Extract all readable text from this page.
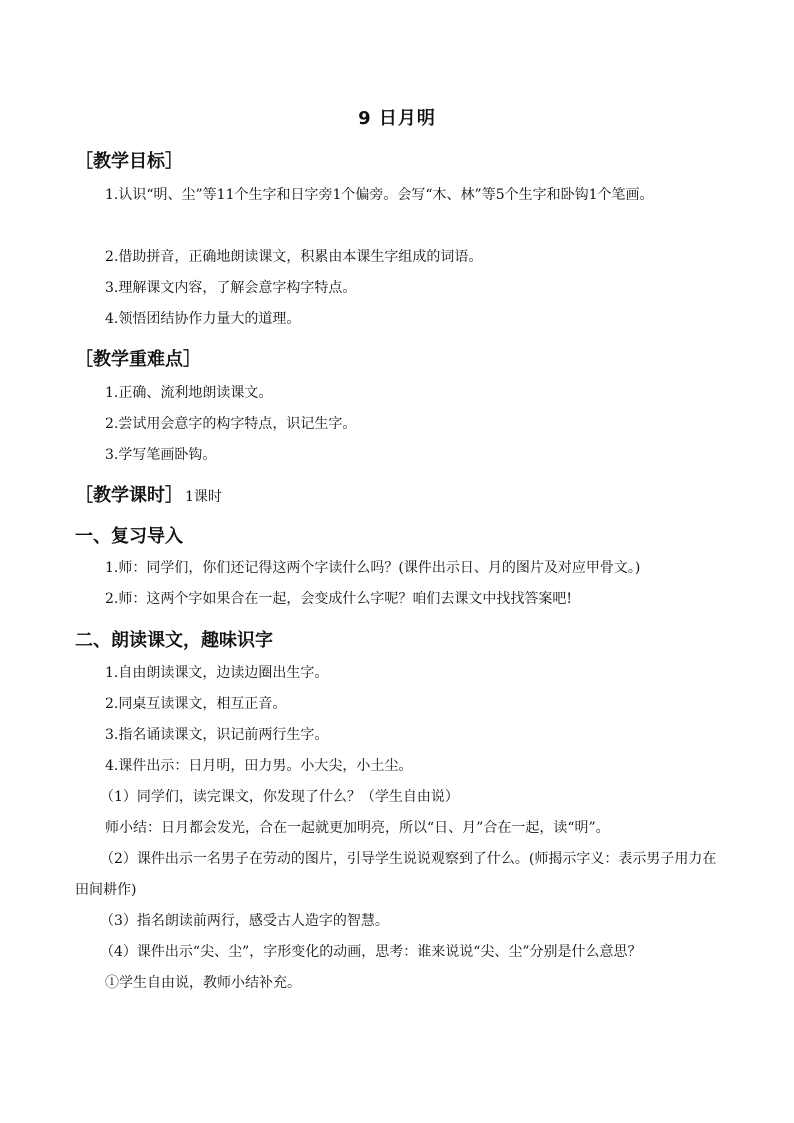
9 日月明
［教学目标］
1.认识“明、尘”等11个生字和日字旁1个偏旁。会写“木、林”等5个生字和卧钩1个笔画。
2.借助拼音，正确地朗读课文，积累由本课生字组成的词语。
3.理解课文内容，了解会意字构字特点。
4.领悟团结协作力量大的道理。
［教学重难点］
1.正确、流利地朗读课文。
2.尝试用会意字的构字特点，识记生字。
3.学写笔画卧钩。
［教学课时］ 1课时
一、复习导入
1.师：同学们，你们还记得这两个字读什么吗？(课件出示日、月的图片及对应甲骨文。)
2.师：这两个字如果合在一起，会变成什么字呢？咱们去课文中找找答案吧!
二、朗读课文，趣味识字
1.自由朗读课文，边读边圈出生字。
2.同桌互读课文，相互正音。
3.指名诵读课文，识记前两行生字。
4.课件出示：日月明，田力男。小大尖，小土尘。
（1）同学们，读完课文，你发现了什么？（学生自由说）
师小结：日月都会发光，合在一起就更加明亮，所以“日、月”合在一起，读“明”。
（2）课件出示一名男子在劳动的图片，引导学生说说观察到了什么。(师揭示字义：表示男子用力在田间耕作)
（3）指名朗读前两行，感受古人造字的智慧。
（4）课件出示“尖、尘”，字形变化的动画，思考：谁来说说“尖、尘”分别是什么意思？
①学生自由说，教师小结补充。
